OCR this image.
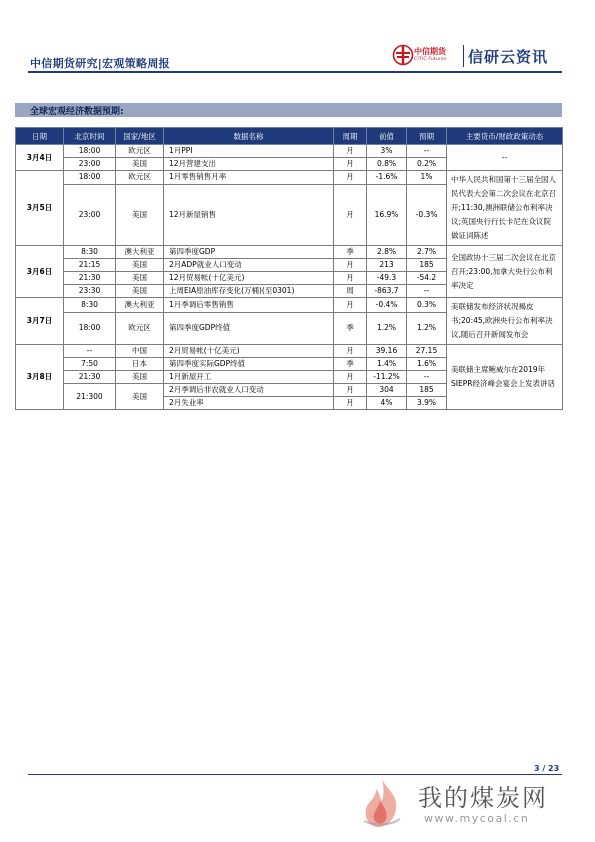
中信期货研究|宏观策略周报
中信期货
CITIC Futures 信研云资讯
全球宏观经济数据预期:
日期	北京时间	国家/地区	数据名称	周期	前值	预期	主要货币/财政政策动态
3月4日	18:00	欧元区	1月PPI	月	3%	--	--
	23:00	美国	12月营建支出	月	0.8%	0.2%	
3月5日	18:00	欧元区	1月零售销售月率	月	-1.6%	1%	中华人民共和国第十三届全国人民代表大会第二次会议在北京召开;11:30,澳洲联储公布利率决议;英国央行行长卡尼在众议院做证词陈述
	23:00	美国	12月新屋销售	月	16.9%	-0.3%	
3月6日	8:30	澳大利亚	第四季度GDP	季	2.8%	2.7%	全国政协十三届二次会议在北京召开;23:00,加拿大央行公布利率决定
	21:15	美国	2月ADP就业人口变动	月	213	185	
	21:30	美国	12月贸易帐(十亿美元)	月	-49.3	-54.2	
	23:30	美国	上周EIA原油库存变化(万桶)(至0301)	周	-863.7	--	
3月7日	8:30	澳大利亚	1月季调后零售销售	月	-0.4%	0.3%	美联储发布经济状况褐皮书;20:45,欧洲央行公布利率决议,随后召开新闻发布会
	18:00	欧元区	第四季度GDP终值	季	1.2%	1.2%	
3月8日	--	中国	2月贸易帐(十亿美元)	月	39.16	27.15	美联储主席鲍威尔在2019年SIEPR经济峰会宴会上发表讲话
	7:50	日本	第四季度实际GDP终值	季	1.4%	1.6%	
	21:30	美国	1月新屋开工	月	-11.2%	--	
	21:300	美国	2月季调后非农就业人口变动	月	304	185	
			2月失业率	月	4%	3.9%	
3 / 23
我的煤炭网
www.mycoal.cn
